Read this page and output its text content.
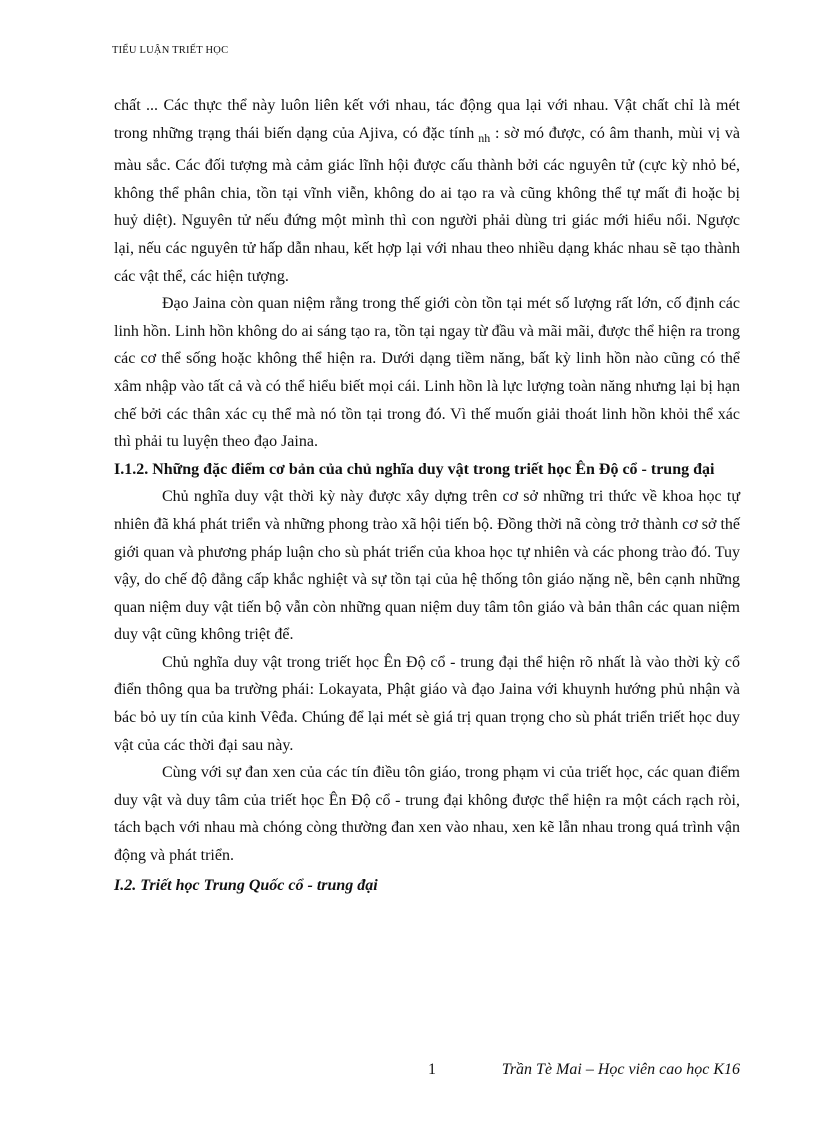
TIỂU LUẬN TRIẾT HỌC

chất ... Các thực thể này luôn liên kết với nhau, tác động qua lại với nhau. Vật chất chỉ là mét trong những trạng thái biến dạng của Ajiva, có đặc tính $_{nh}$ : sờ mó được, có âm thanh, mùi vị và màu sắc. Các đối tượng mà cảm giác lĩnh hội được cấu thành bởi các nguyên tử (cực kỳ nhỏ bé, không thể phân chia, tồn tại vĩnh viễn, không do ai tạo ra và cũng không thể tự mất đi hoặc bị huỷ diệt). Nguyên tử nếu đứng một mình thì con người phải dùng tri giác mới hiểu nổi. Ngược lại, nếu các nguyên tử hấp dẫn nhau, kết hợp lại với nhau theo nhiều dạng khác nhau sẽ tạo thành các vật thể, các hiện tượng.

Đạo Jaina còn quan niệm rằng trong thế giới còn tồn tại mét số lượng rất lớn, cố định các linh hồn. Linh hồn không do ai sáng tạo ra, tồn tại ngay từ đầu và mãi mãi, được thể hiện ra trong các cơ thể sống hoặc không thể hiện ra. Dưới dạng tiềm năng, bất kỳ linh hồn nào cũng có thể xâm nhập vào tất cả và có thể hiểu biết mọi cái. Linh hồn là lực lượng toàn năng nhưng lại bị hạn chế bởi các thân xác cụ thể mà nó tồn tại trong đó. Vì thế muốn giải thoát linh hồn khỏi thể xác thì phải tu luyện theo đạo Jaina.

I.1.2. Những đặc điểm cơ bản của chủ nghĩa duy vật trong triết học Ên Độ cổ - trung đại

Chủ nghĩa duy vật thời kỳ này được xây dựng trên cơ sở những tri thức về khoa học tự nhiên đã khá phát triển và những phong trào xã hội tiến bộ. Đồng thời nã còng trở thành cơ sở thế giới quan và phương pháp luận cho sù phát triển của khoa học tự nhiên và các phong trào đó. Tuy vậy, do chế độ đẳng cấp khắc nghiệt và sự tồn tại của hệ thống tôn giáo nặng nề, bên cạnh những quan niệm duy vật tiến bộ vẫn còn những quan niệm duy tâm tôn giáo và bản thân các quan niệm duy vật cũng không triệt để.

Chủ nghĩa duy vật trong triết học Ên Độ cổ - trung đại thể hiện rõ nhất là vào thời kỳ cổ điển thông qua ba trường phái: Lokayata, Phật giáo và đạo Jaina với khuynh hướng phủ nhận và bác bỏ uy tín của kinh Vêđa. Chúng để lại mét sè giá trị quan trọng cho sù phát triển triết học duy vật của các thời đại sau này.

Cùng với sự đan xen của các tín điều tôn giáo, trong phạm vi của triết học, các quan điểm duy vật và duy tâm của triết học Ên Độ cổ - trung đại không được thể hiện ra một cách rạch ròi, tách bạch với nhau mà chóng còng thường đan xen vào nhau, xen kẽ lẫn nhau trong quá trình vận động và phát triển.

I.2. Triết học Trung Quốc cổ - trung đại

1	Trần Tè Mai – Học viên cao học K16
